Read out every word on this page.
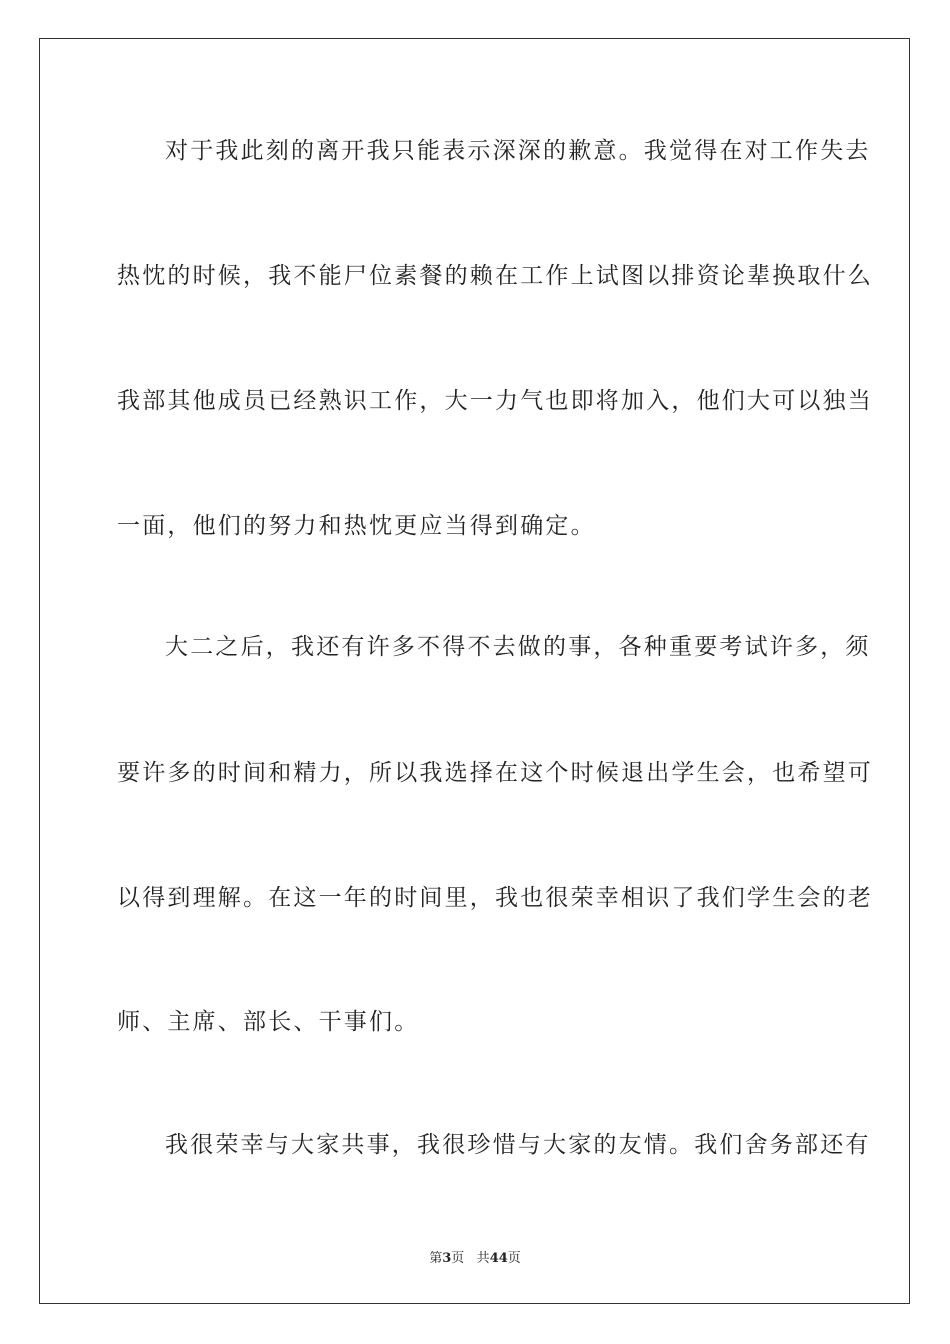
对于我此刻的离开我只能表示深深的歉意。我觉得在对工作失去
热忱的时候，我不能尸位素餐的赖在工作上试图以排资论辈换取什么
我部其他成员已经熟识工作，大一力气也即将加入，他们大可以独当
一面，他们的努力和热忱更应当得到确定。
大二之后，我还有许多不得不去做的事，各种重要考试许多，须
要许多的时间和精力，所以我选择在这个时候退出学生会，也希望可
以得到理解。在这一年的时间里，我也很荣幸相识了我们学生会的老
师、主席、部长、干事们。
我很荣幸与大家共事，我很珍惜与大家的友情。我们舍务部还有
第3页 共44页
